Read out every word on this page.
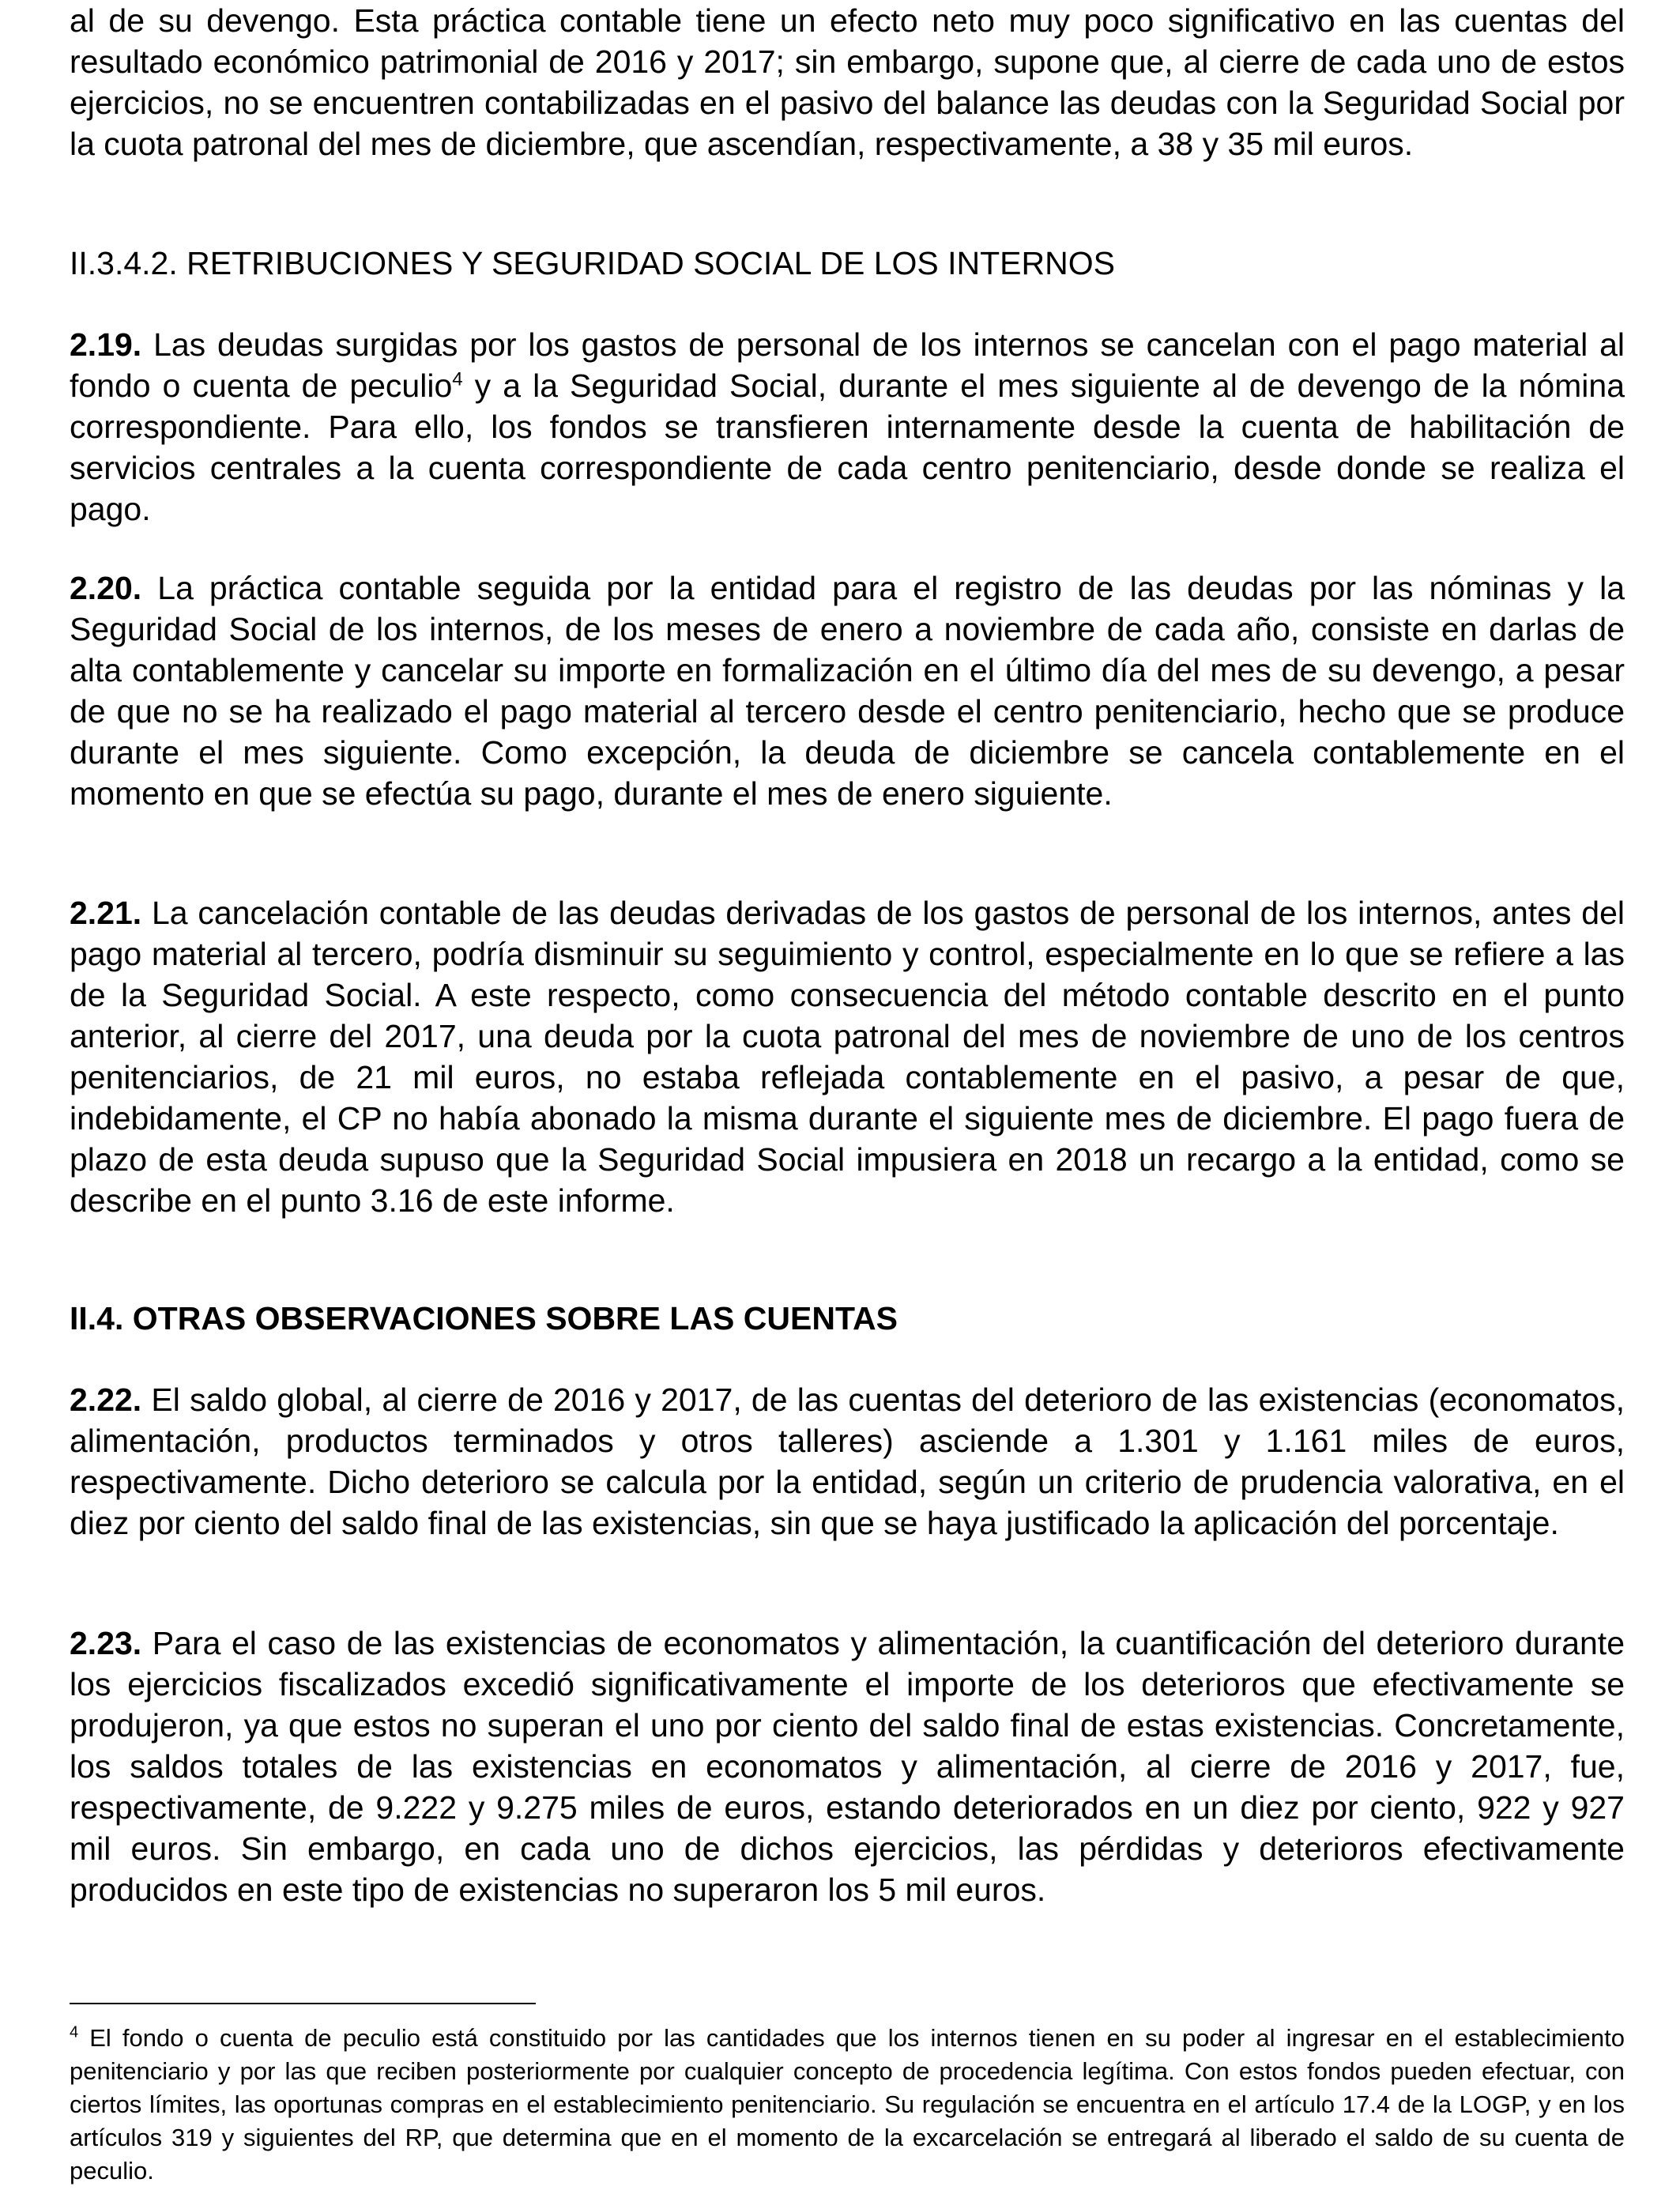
al de su devengo. Esta práctica contable tiene un efecto neto muy poco significativo en las cuentas del resultado económico patrimonial de 2016 y 2017; sin embargo, supone que, al cierre de cada uno de estos ejercicios, no se encuentren contabilizadas en el pasivo del balance las deudas con la Seguridad Social por la cuota patronal del mes de diciembre, que ascendían, respectivamente, a 38 y 35 mil euros.

II.3.4.2. RETRIBUCIONES Y SEGURIDAD SOCIAL DE LOS INTERNOS

2.19. Las deudas surgidas por los gastos de personal de los internos se cancelan con el pago material al fondo o cuenta de peculio$^4$ y a la Seguridad Social, durante el mes siguiente al de devengo de la nómina correspondiente. Para ello, los fondos se transfieren internamente desde la cuenta de habilitación de servicios centrales a la cuenta correspondiente de cada centro penitenciario, desde donde se realiza el pago.

2.20. La práctica contable seguida por la entidad para el registro de las deudas por las nóminas y la Seguridad Social de los internos, de los meses de enero a noviembre de cada año, consiste en darlas de alta contablemente y cancelar su importe en formalización en el último día del mes de su devengo, a pesar de que no se ha realizado el pago material al tercero desde el centro penitenciario, hecho que se produce durante el mes siguiente. Como excepción, la deuda de diciembre se cancela contablemente en el momento en que se efectúa su pago, durante el mes de enero siguiente.

2.21. La cancelación contable de las deudas derivadas de los gastos de personal de los internos, antes del pago material al tercero, podría disminuir su seguimiento y control, especialmente en lo que se refiere a las de la Seguridad Social. A este respecto, como consecuencia del método contable descrito en el punto anterior, al cierre del 2017, una deuda por la cuota patronal del mes de noviembre de uno de los centros penitenciarios, de 21 mil euros, no estaba reflejada contablemente en el pasivo, a pesar de que, indebidamente, el CP no había abonado la misma durante el siguiente mes de diciembre. El pago fuera de plazo de esta deuda supuso que la Seguridad Social impusiera en 2018 un recargo a la entidad, como se describe en el punto 3.16 de este informe.

II.4. OTRAS OBSERVACIONES SOBRE LAS CUENTAS

2.22. El saldo global, al cierre de 2016 y 2017, de las cuentas del deterioro de las existencias (economatos, alimentación, productos terminados y otros talleres) asciende a 1.301 y 1.161 miles de euros, respectivamente. Dicho deterioro se calcula por la entidad, según un criterio de prudencia valorativa, en el diez por ciento del saldo final de las existencias, sin que se haya justificado la aplicación del porcentaje.

2.23. Para el caso de las existencias de economatos y alimentación, la cuantificación del deterioro durante los ejercicios fiscalizados excedió significativamente el importe de los deterioros que efectivamente se produjeron, ya que estos no superan el uno por ciento del saldo final de estas existencias. Concretamente, los saldos totales de las existencias en economatos y alimentación, al cierre de 2016 y 2017, fue, respectivamente, de 9.222 y 9.275 miles de euros, estando deteriorados en un diez por ciento, 922 y 927 mil euros. Sin embargo, en cada uno de dichos ejercicios, las pérdidas y deterioros efectivamente producidos en este tipo de existencias no superaron los 5 mil euros.

$^4$ El fondo o cuenta de peculio está constituido por las cantidades que los internos tienen en su poder al ingresar en el establecimiento penitenciario y por las que reciben posteriormente por cualquier concepto de procedencia legítima. Con estos fondos pueden efectuar, con ciertos límites, las oportunas compras en el establecimiento penitenciario. Su regulación se encuentra en el artículo 17.4 de la LOGP, y en los artículos 319 y siguientes del RP, que determina que en el momento de la excarcelación se entregará al liberado el saldo de su cuenta de peculio.
